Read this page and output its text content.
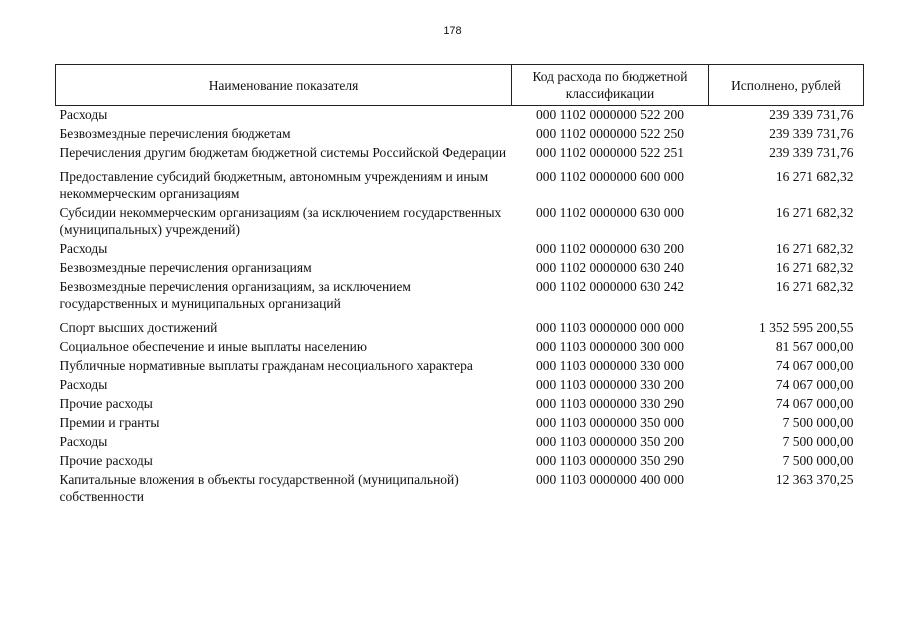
178
Наименование показателя	Код расхода по бюджетной классификации	Исполнено, рублей
Расходы	000 1102 0000000 522 200	239 339 731,76
Безвозмездные перечисления бюджетам	000 1102 0000000 522 250	239 339 731,76
Перечисления другим бюджетам бюджетной системы Российской Федерации	000 1102 0000000 522 251	239 339 731,76
Предоставление субсидий бюджетным, автономным учреждениям и иным некоммерческим организациям	000 1102 0000000 600 000	16 271 682,32
Субсидии некоммерческим организациям (за исключением государственных (муниципальных) учреждений)	000 1102 0000000 630 000	16 271 682,32
Расходы	000 1102 0000000 630 200	16 271 682,32
Безвозмездные перечисления организациям	000 1102 0000000 630 240	16 271 682,32
Безвозмездные перечисления организациям, за исключением государственных и муниципальных организаций	000 1102 0000000 630 242	16 271 682,32
Спорт высших достижений	000 1103 0000000 000 000	1 352 595 200,55
Социальное обеспечение и иные выплаты населению	000 1103 0000000 300 000	81 567 000,00
Публичные нормативные выплаты гражданам несоциального характера	000 1103 0000000 330 000	74 067 000,00
Расходы	000 1103 0000000 330 200	74 067 000,00
Прочие расходы	000 1103 0000000 330 290	74 067 000,00
Премии и гранты	000 1103 0000000 350 000	7 500 000,00
Расходы	000 1103 0000000 350 200	7 500 000,00
Прочие расходы	000 1103 0000000 350 290	7 500 000,00
Капитальные вложения в объекты государственной (муниципальной) собственности	000 1103 0000000 400 000	12 363 370,25
